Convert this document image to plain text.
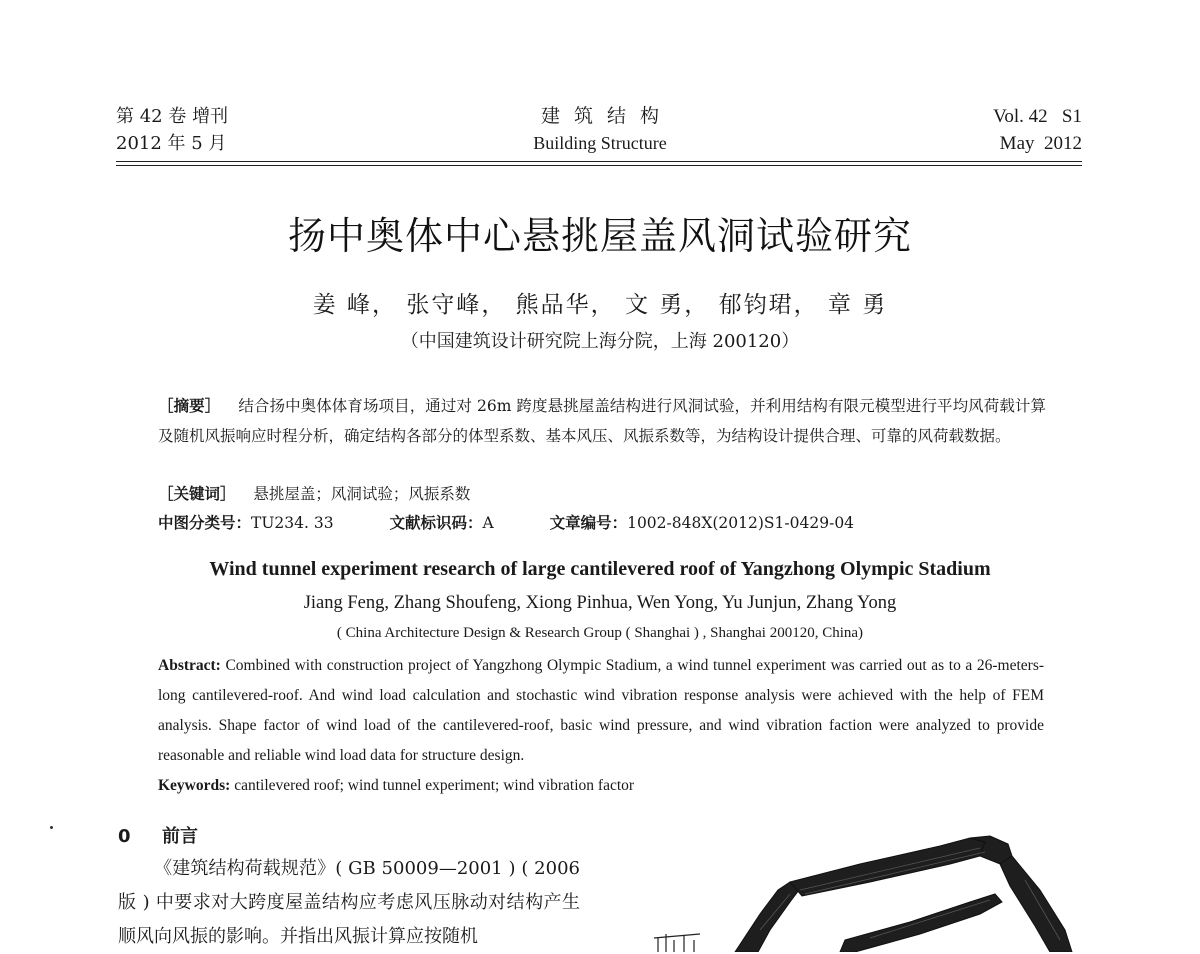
第 42 卷 增刊
2012 年 5 月
建筑结构
Building Structure
Vol. 42   S1
May  2012
扬中奥体中心悬挑屋盖风洞试验研究
姜 峰， 张守峰， 熊品华， 文 勇， 郁钧珺， 章 勇
（中国建筑设计研究院上海分院，上海 200120）
［摘要］ 结合扬中奥体体育场项目，通过对 26m 跨度悬挑屋盖结构进行风洞试验，并利用结构有限元模型进行平均风荷载计算及随机风振响应时程分析，确定结构各部分的体型系数、基本风压、风振系数等，为结构设计提供合理、可靠的风荷载数据。
［关键词］ 悬挑屋盖；风洞试验；风振系数
中图分类号：TU234. 33	文献标识码：A	文章编号：1002-848X(2012)S1-0429-04
Wind tunnel experiment research of large cantilevered roof of Yangzhong Olympic Stadium
Jiang Feng, Zhang Shoufeng, Xiong Pinhua, Wen Yong, Yu Junjun, Zhang Yong
( China Architecture Design & Research Group ( Shanghai ) , Shanghai 200120, China)
Abstract: Combined with construction project of Yangzhong Olympic Stadium, a wind tunnel experiment was carried out as to a 26-meters-long cantilevered-roof. And wind load calculation and stochastic wind vibration response analysis were achieved with the help of FEM analysis. Shape factor of wind load of the cantilevered-roof, basic wind pressure, and wind vibration faction were analyzed to provide reasonable and reliable wind load data for structure design.
Keywords: cantilevered roof; wind tunnel experiment; wind vibration factor
0 前言
《建筑结构荷载规范》( GB 50009—2001 ) ( 2006 版 ) 中要求对大跨度屋盖结构应考虑风压脉动对结构产生顺风向风振的影响。并指出风振计算应按随机
